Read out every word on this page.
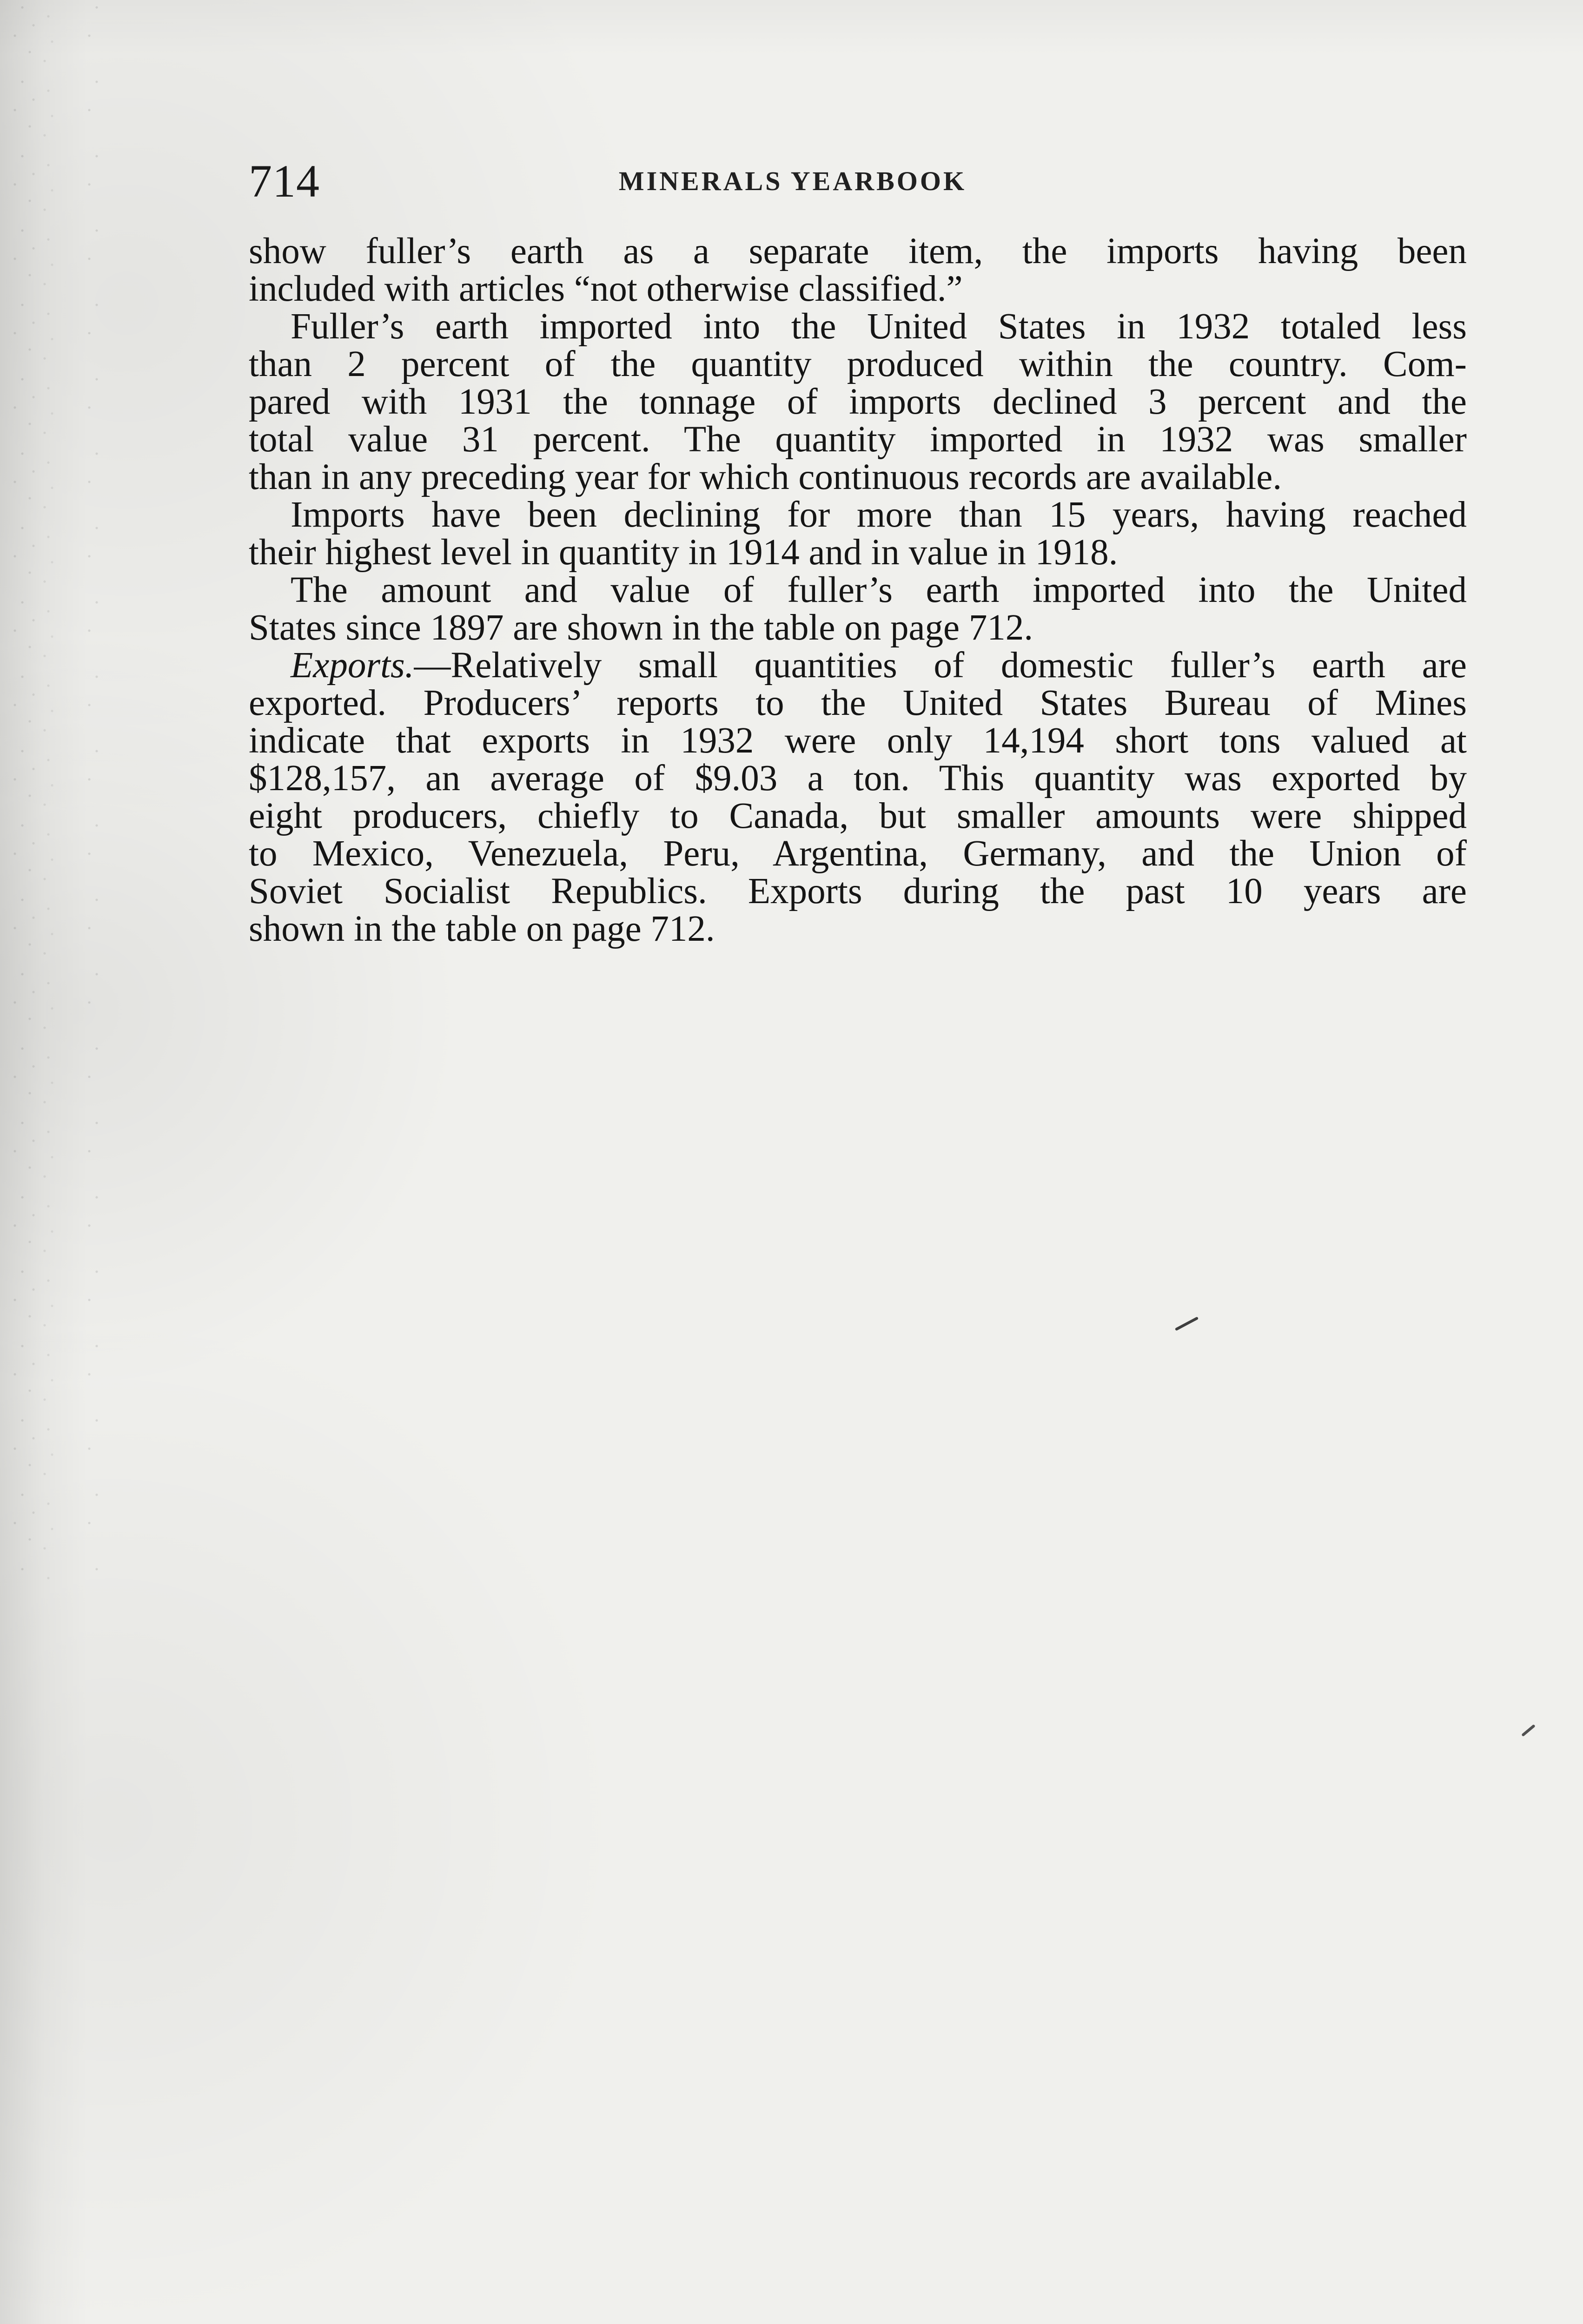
714	MINERALS YEARBOOK
show fuller’s earth as a separate item, the imports having been
included with articles “not otherwise classified.”
Fuller’s earth imported into the United States in 1932 totaled less
than 2 percent of the quantity produced within the country. Com-
pared with 1931 the tonnage of imports declined 3 percent and the
total value 31 percent. The quantity imported in 1932 was smaller
than in any preceding year for which continuous records are available.
Imports have been declining for more than 15 years, having reached
their highest level in quantity in 1914 and in value in 1918.
The amount and value of fuller’s earth imported into the United
States since 1897 are shown in the table on page 712.
Exports.—Relatively small quantities of domestic fuller’s earth are
exported. Producers’ reports to the United States Bureau of Mines
indicate that exports in 1932 were only 14,194 short tons valued at
$128,157, an average of $9.03 a ton. This quantity was exported by
eight producers, chiefly to Canada, but smaller amounts were shipped
to Mexico, Venezuela, Peru, Argentina, Germany, and the Union of
Soviet Socialist Republics. Exports during the past 10 years are
shown in the table on page 712.
